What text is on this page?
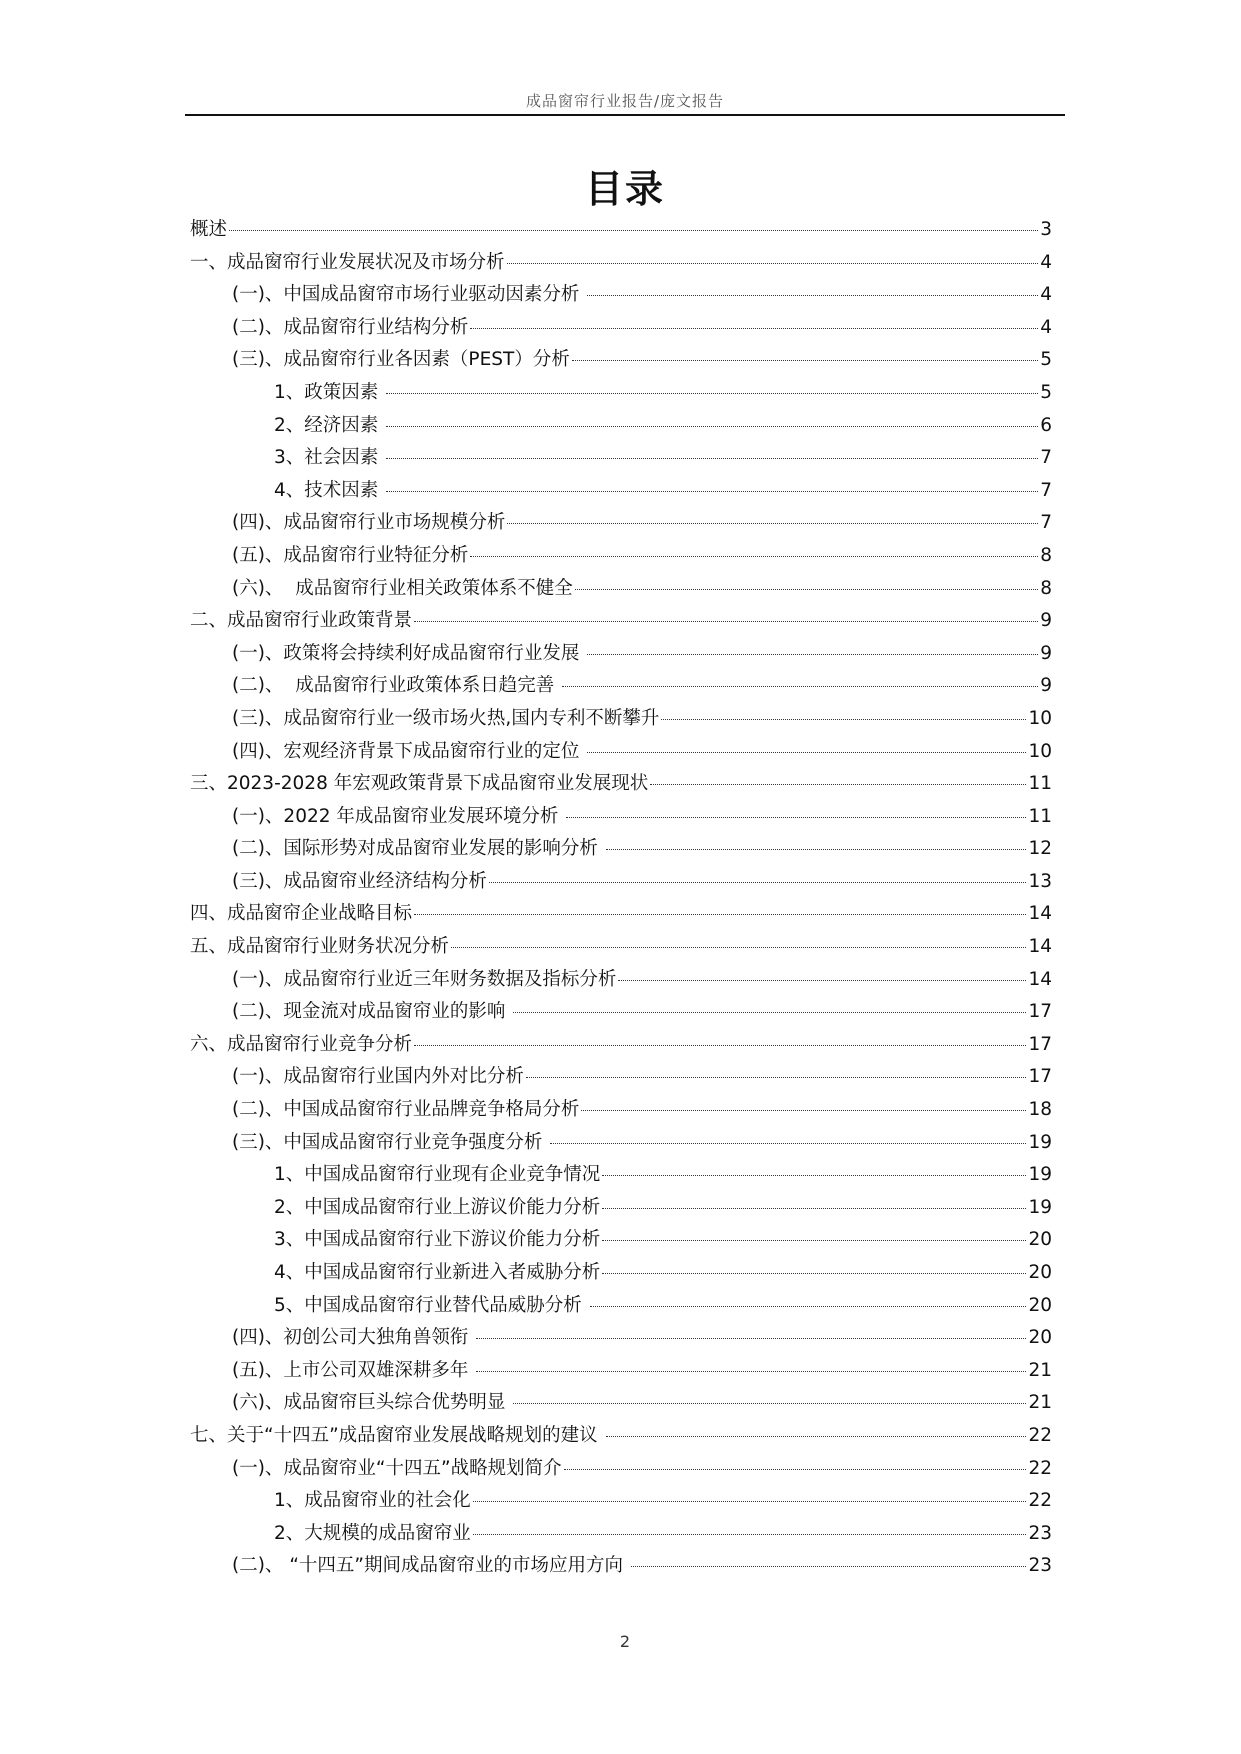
成品窗帘行业报告/庞文报告
目录
概述	3
一、成品窗帘行业发展状况及市场分析	4
(一)、中国成品窗帘市场行业驱动因素分析	4
(二)、成品窗帘行业结构分析	4
(三)、成品窗帘行业各因素（PEST）分析	5
1、政策因素	5
2、经济因素	6
3、社会因素	7
4、技术因素	7
(四)、成品窗帘行业市场规模分析	7
(五)、成品窗帘行业特征分析	8
(六)、  成品窗帘行业相关政策体系不健全	8
二、成品窗帘行业政策背景	9
(一)、政策将会持续利好成品窗帘行业发展	9
(二)、  成品窗帘行业政策体系日趋完善	9
(三)、成品窗帘行业一级市场火热,国内专利不断攀升	10
(四)、宏观经济背景下成品窗帘行业的定位	10
三、2023-2028 年宏观政策背景下成品窗帘业发展现状	11
(一)、2022 年成品窗帘业发展环境分析	11
(二)、国际形势对成品窗帘业发展的影响分析	12
(三)、成品窗帘业经济结构分析	13
四、成品窗帘企业战略目标	14
五、成品窗帘行业财务状况分析	14
(一)、成品窗帘行业近三年财务数据及指标分析	14
(二)、现金流对成品窗帘业的影响	17
六、成品窗帘行业竞争分析	17
(一)、成品窗帘行业国内外对比分析	17
(二)、中国成品窗帘行业品牌竞争格局分析	18
(三)、中国成品窗帘行业竞争强度分析	19
1、中国成品窗帘行业现有企业竞争情况	19
2、中国成品窗帘行业上游议价能力分析	19
3、中国成品窗帘行业下游议价能力分析	20
4、中国成品窗帘行业新进入者威胁分析	20
5、中国成品窗帘行业替代品威胁分析	20
(四)、初创公司大独角兽领衔	20
(五)、上市公司双雄深耕多年	21
(六)、成品窗帘巨头综合优势明显	21
七、关于“十四五”成品窗帘业发展战略规划的建议	22
(一)、成品窗帘业“十四五”战略规划简介	22
1、成品窗帘业的社会化	22
2、大规模的成品窗帘业	23
(二)、 “十四五”期间成品窗帘业的市场应用方向	23
2
